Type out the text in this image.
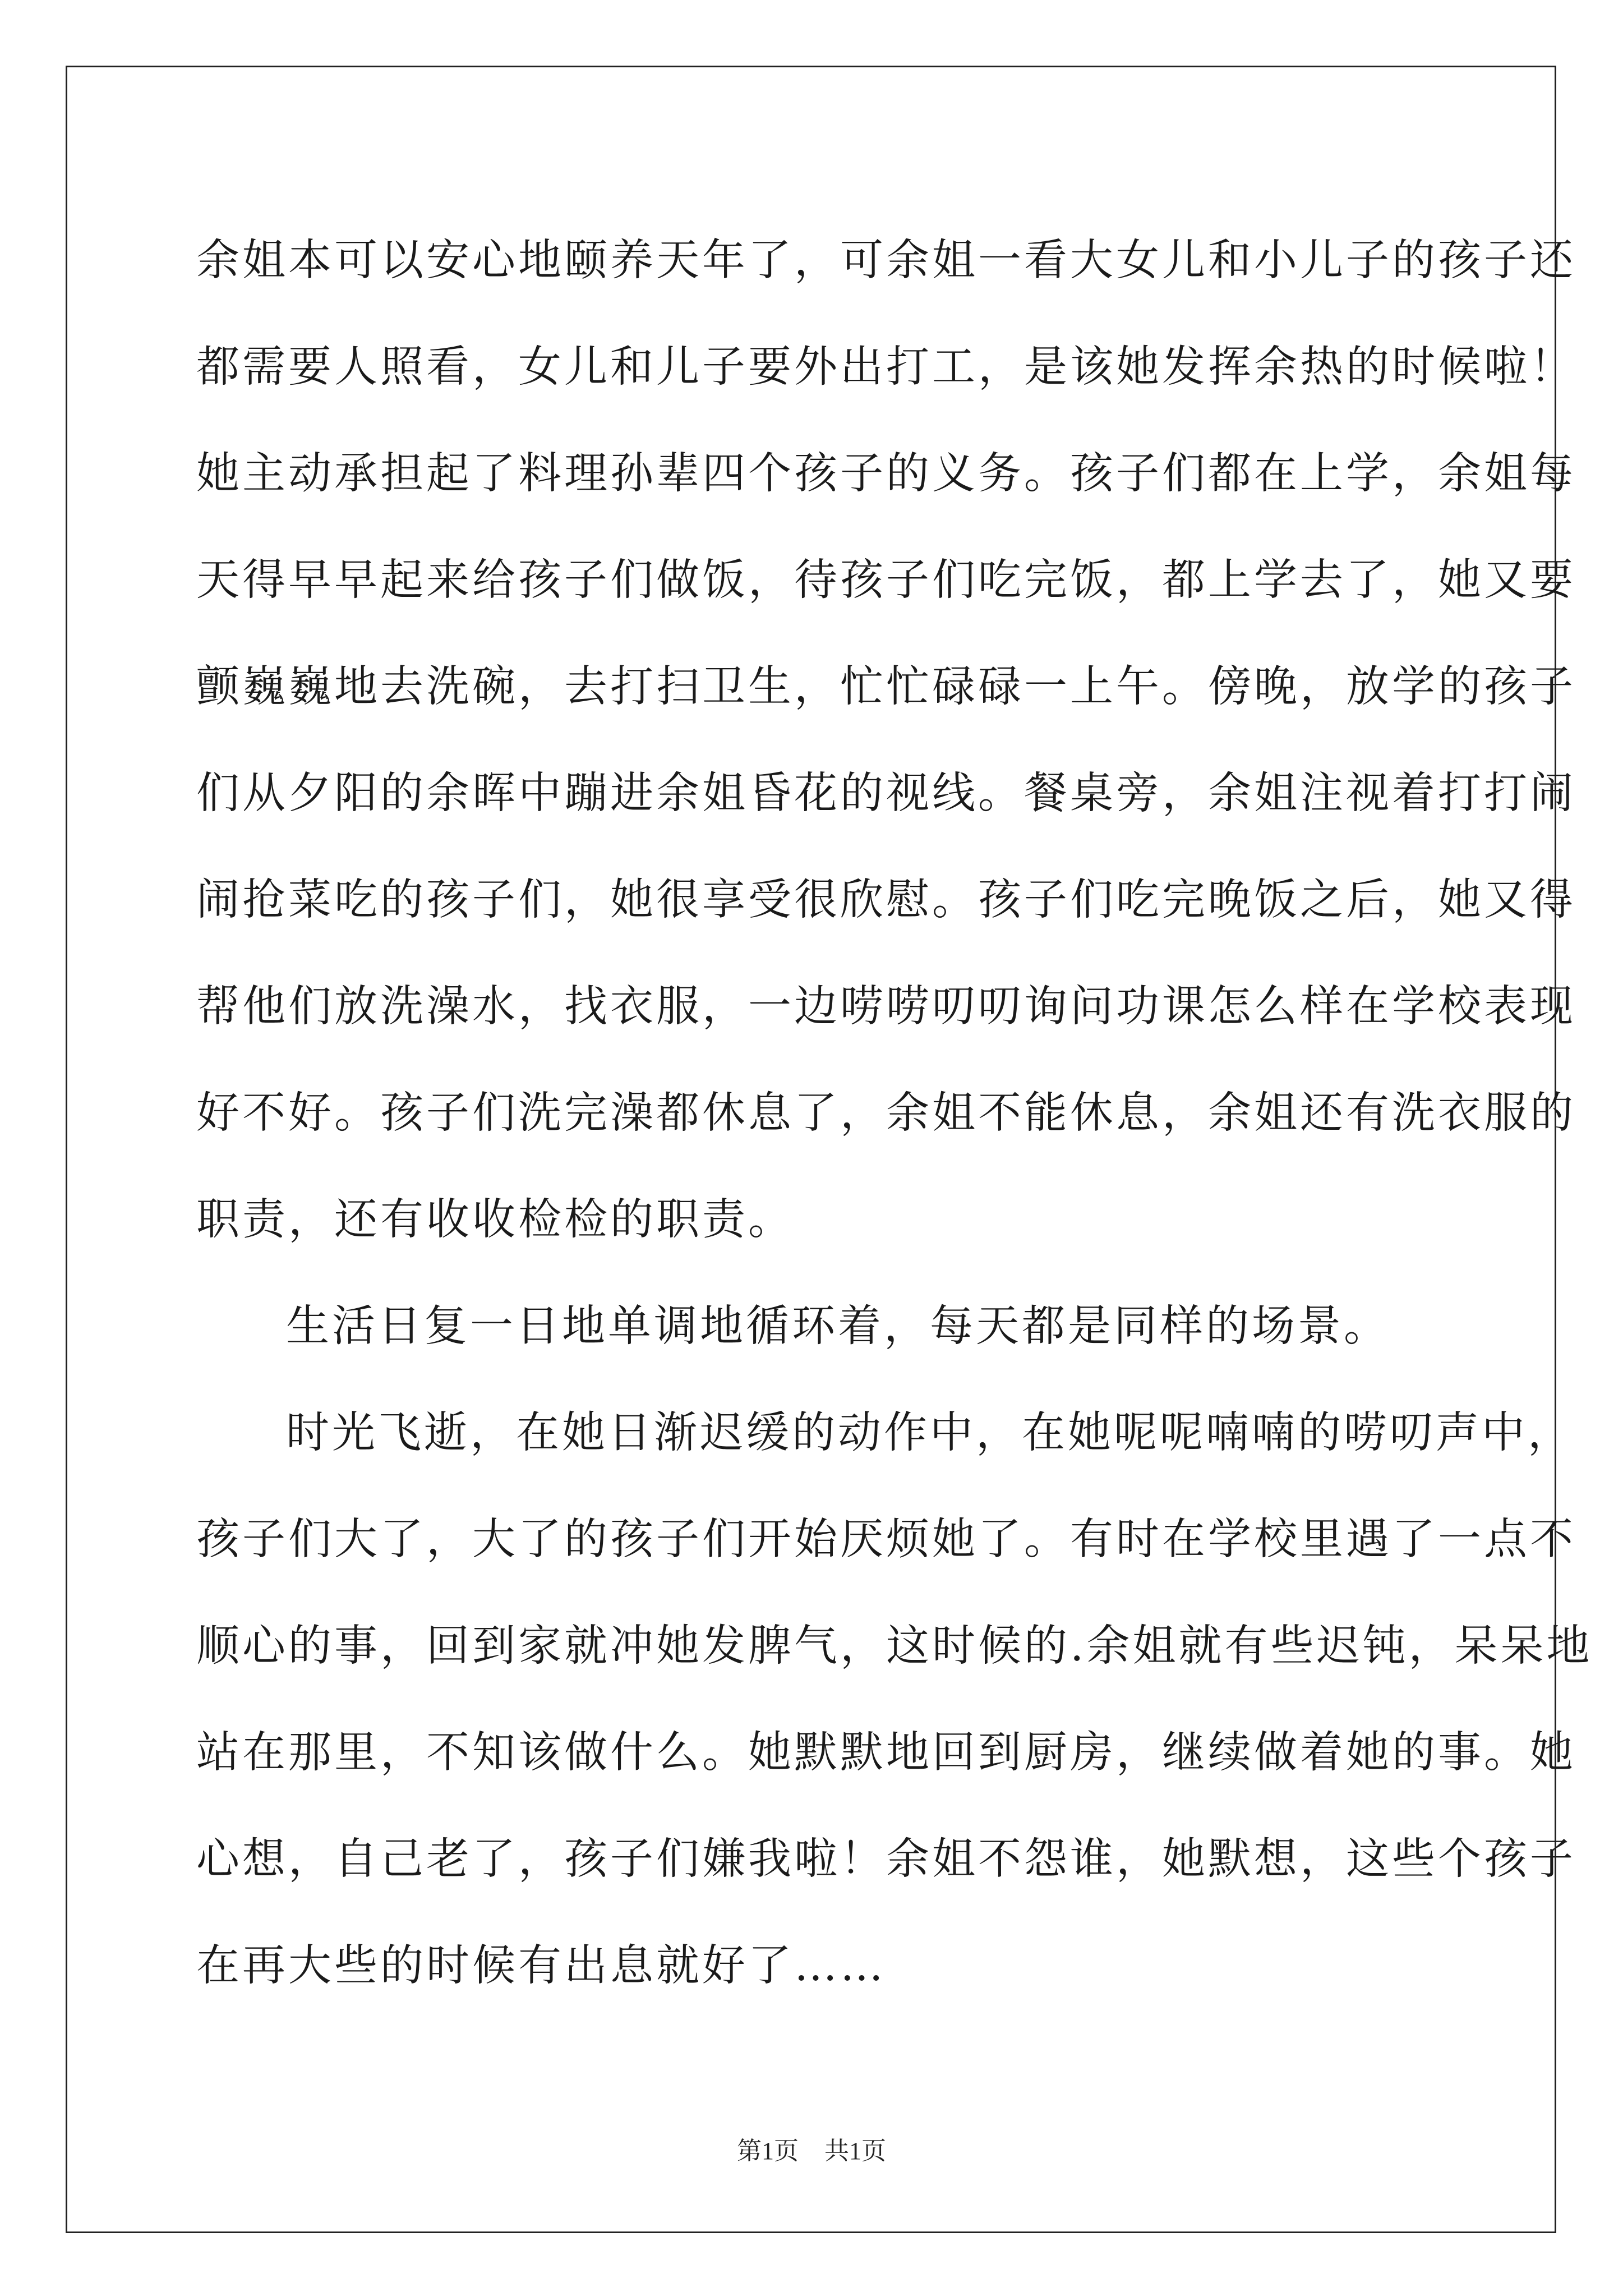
余姐本可以安心地颐养天年了，可余姐一看大女儿和小儿子的孩子还
都需要人照看，女儿和儿子要外出打工，是该她发挥余热的时候啦！
她主动承担起了料理孙辈四个孩子的义务。孩子们都在上学，余姐每
天得早早起来给孩子们做饭，待孩子们吃完饭，都上学去了，她又要
颤巍巍地去洗碗，去打扫卫生，忙忙碌碌一上午。傍晚，放学的孩子
们从夕阳的余晖中蹦进余姐昏花的视线。餐桌旁，余姐注视着打打闹
闹抢菜吃的孩子们，她很享受很欣慰。孩子们吃完晚饭之后，她又得
帮他们放洗澡水，找衣服，一边唠唠叨叨询问功课怎么样在学校表现
好不好。孩子们洗完澡都休息了，余姐不能休息，余姐还有洗衣服的
职责，还有收收检检的职责。
生活日复一日地单调地循环着，每天都是同样的场景。
时光飞逝，在她日渐迟缓的动作中，在她呢呢喃喃的唠叨声中，
孩子们大了，大了的孩子们开始厌烦她了。有时在学校里遇了一点不
顺心的事，回到家就冲她发脾气，这时候的.余姐就有些迟钝，呆呆地
站在那里，不知该做什么。她默默地回到厨房，继续做着她的事。她
心想，自己老了，孩子们嫌我啦！余姐不怨谁，她默想，这些个孩子
在再大些的时候有出息就好了……
第1页 共1页
